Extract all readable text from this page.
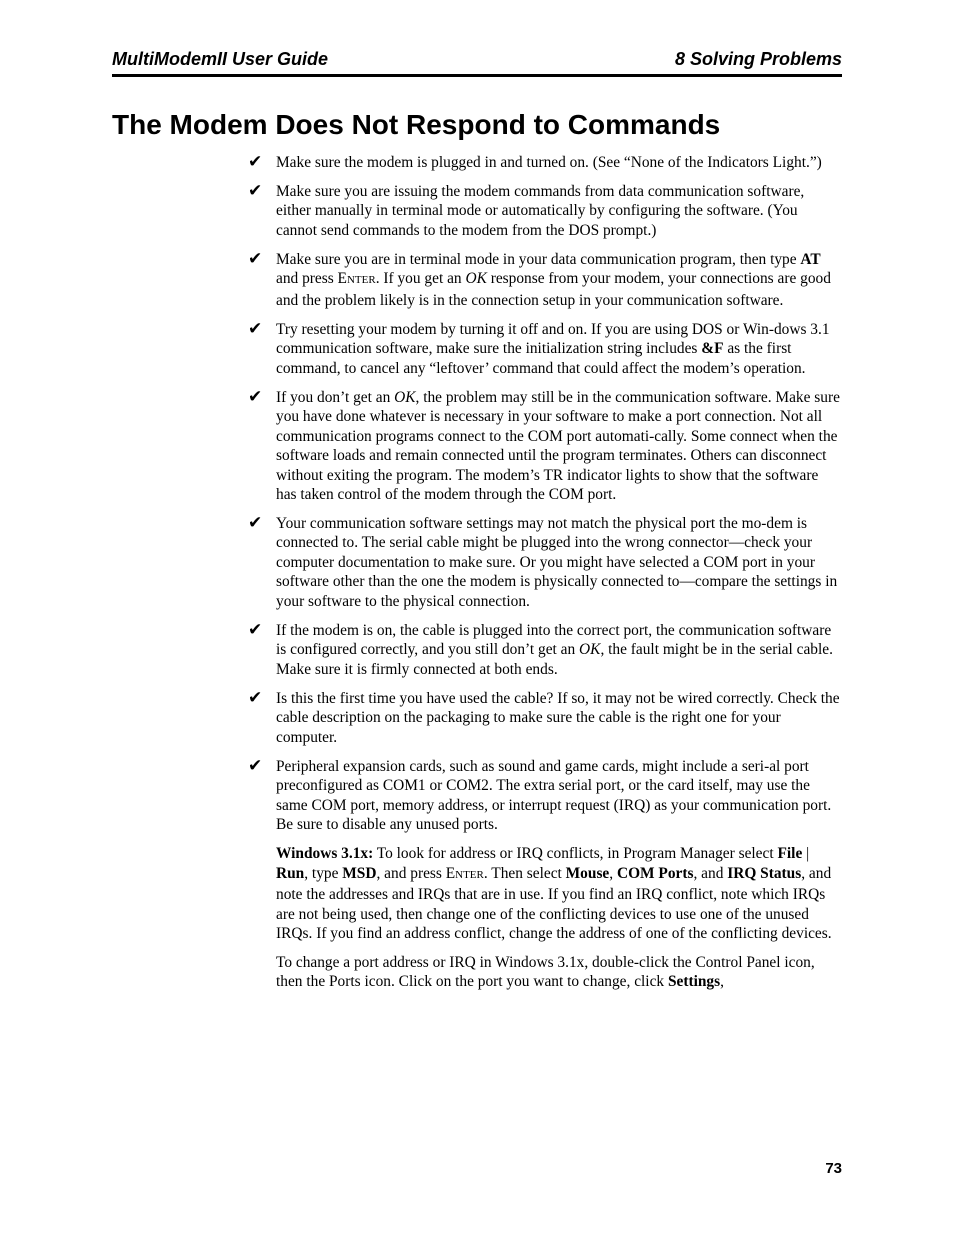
MultiModemII User Guide	8 Solving Problems
The Modem Does Not Respond to Commands
✔ Make sure the modem is plugged in and turned on. (See “None of the Indicators Light.”)
✔ Make sure you are issuing the modem commands from data communication software, either manually in terminal mode or automatically by configuring the software. (You cannot send commands to the modem from the DOS prompt.)
✔ Make sure you are in terminal mode in your data communication program, then type AT and press ENTER. If you get an OK response from your modem, your connections are good and the problem likely is in the connection setup in your communication software.
✔ Try resetting your modem by turning it off and on. If you are using DOS or Win-dows 3.1 communication software, make sure the initialization string includes &F as the first command, to cancel any “leftover’ command that could affect the modem’s operation.
✔ If you don’t get an OK, the problem may still be in the communication software. Make sure you have done whatever is necessary in your software to make a port connection. Not all communication programs connect to the COM port automati-cally. Some connect when the software loads and remain connected until the program terminates. Others can disconnect without exiting the program. The modem’s TR indicator lights to show that the software has taken control of the modem through the COM port.
✔ Your communication software settings may not match the physical port the mo-dem is connected to. The serial cable might be plugged into the wrong connector—check your computer documentation to make sure. Or you might have selected a COM port in your software other than the one the modem is physically connected to—compare the settings in your software to the physical connection.
✔ If the modem is on, the cable is plugged into the correct port, the communication software is configured correctly, and you still don’t get an OK, the fault might be in the serial cable. Make sure it is firmly connected at both ends.
✔ Is this the first time you have used the cable? If so, it may not be wired correctly. Check the cable description on the packaging to make sure the cable is the right one for your computer.
✔ Peripheral expansion cards, such as sound and game cards, might include a seri-al port preconfigured as COM1 or COM2. The extra serial port, or the card itself, may use the same COM port, memory address, or interrupt request (IRQ) as your communication port. Be sure to disable any unused ports.
Windows 3.1x: To look for address or IRQ conflicts, in Program Manager select File | Run, type MSD, and press ENTER. Then select Mouse, COM Ports, and IRQ Status, and note the addresses and IRQs that are in use. If you find an IRQ conflict, note which IRQs are not being used, then change one of the conflicting devices to use one of the unused IRQs. If you find an address conflict, change the address of one of the conflicting devices.
To change a port address or IRQ in Windows 3.1x, double-click the Control Panel icon, then the Ports icon. Click on the port you want to change, click Settings,
73
